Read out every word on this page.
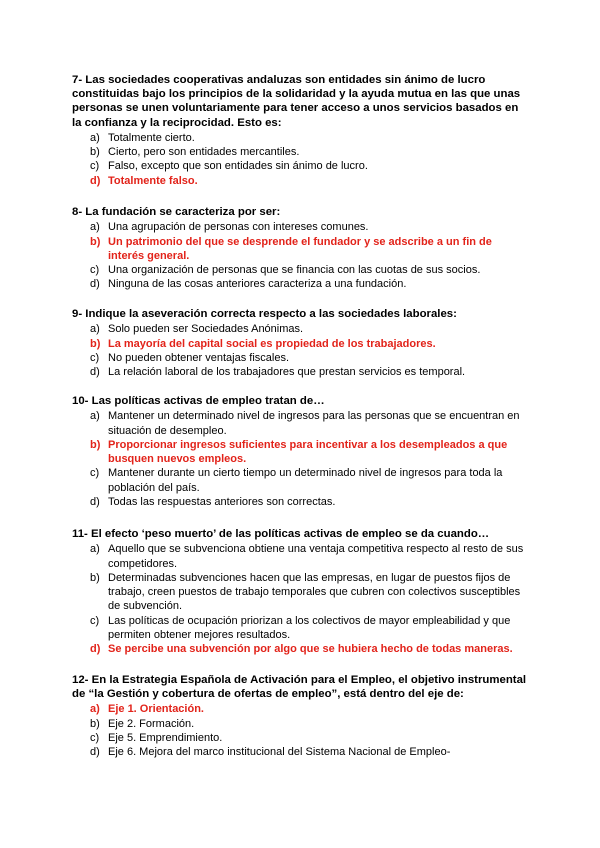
7- Las sociedades cooperativas andaluzas son entidades sin ánimo de lucro constituidas bajo los principios de la solidaridad y la ayuda mutua en las que unas personas se unen voluntariamente para tener acceso a unos servicios basados en la confianza y la reciprocidad. Esto es:

a) Totalmente cierto.
b) Cierto, pero son entidades mercantiles.
c) Falso, excepto que son entidades sin ánimo de lucro.
d) Totalmente falso.

8- La fundación se caracteriza por ser:

a) Una agrupación de personas con intereses comunes.
b) Un patrimonio del que se desprende el fundador y se adscribe a un fin de interés general.
c) Una organización de personas que se financia con las cuotas de sus socios.
d) Ninguna de las cosas anteriores caracteriza a una fundación.

9- Indique la aseveración correcta respecto a las sociedades laborales:

a) Solo pueden ser Sociedades Anónimas.
b) La mayoría del capital social es propiedad de los trabajadores.
c) No pueden obtener ventajas fiscales.
d) La relación laboral de los trabajadores que prestan servicios es temporal.

10- Las políticas activas de empleo tratan de…

a) Mantener un determinado nivel de ingresos para las personas que se encuentran en situación de desempleo.
b) Proporcionar ingresos suficientes para incentivar a los desempleados a que busquen nuevos empleos.
c) Mantener durante un cierto tiempo un determinado nivel de ingresos para toda la población del país.
d) Todas las respuestas anteriores son correctas.

11- El efecto ‘peso muerto’ de las políticas activas de empleo se da cuando…

a) Aquello que se subvenciona obtiene una ventaja competitiva respecto al resto de sus competidores.
b) Determinadas subvenciones hacen que las empresas, en lugar de puestos fijos de trabajo, creen puestos de trabajo temporales que cubren con colectivos susceptibles de subvención.
c) Las políticas de ocupación priorizan a los colectivos de mayor empleabilidad y que permiten obtener mejores resultados.
d) Se percibe una subvención por algo que se hubiera hecho de todas maneras.

12- En la Estrategia Española de Activación para el Empleo, el objetivo instrumental de “la Gestión y cobertura de ofertas de empleo”, está dentro del eje de:

a) Eje 1. Orientación.
b) Eje 2. Formación.
c) Eje 5. Emprendimiento.
d) Eje 6. Mejora del marco institucional del Sistema Nacional de Empleo-
